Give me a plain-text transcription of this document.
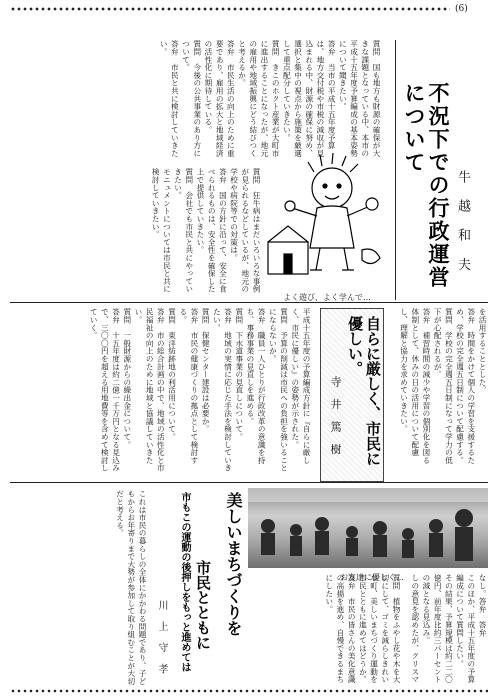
(6)
不況下での行政運営について
牛 越 和 夫

質問　国も地方も財源の確保が大きな課題となっている中、本市の平成十五年度予算編成の基本姿勢について聞きたい。

答弁　当市の平成十五年度予算は、地方交付税や市税の減収が見込まれる中、財源の確保に努め、選択と集中の視点から施策を厳選して重点配分していきたい。

質問　きこのホクト産業が大町市に進出することになったが、地元の雇用や地域振興にどう結びつくと考えるか。

答弁　市民生活の向上のために重要であり、雇用の拡大と地域経済の活性化に期待している。

質問　今後の公共事業のあり方について。

答弁　市民と共に検討していきたい。

質問　狂牛病はまだいろいろな事例が見られるなどしているが、地元の学校や病院等での対策は。

答弁　国の方針に沿って、安全に食べられるものは、安全性を確保した上で提供していきたい。

質問　会社でも市民と共にやっていきたい。

モニュメントについては市民と共に検討していきたい。

よく遊び、よく学んで…

を活用することとした。

答弁　時間をかけて個人の学習を支援するため、学校の完全週五日制について配慮する。

質問　学校の完全週五日制になって学力の低下が心配されるが。

答弁　補習時間の減少や学習の個別化を図る体制として、休みの日の活用について配慮し、理解と協力を求めていきたい。

自らに厳しく、市民に優しい。
寺 井 篤 樹

平成十五年度の予算編成方針に『自らに厳しく、市民に優しい』の姿勢が示された。

質問　予算の削減は市民への負担を強いることにならないか。

答弁　職員一人ひとりが行政改革の意識を持ち、事務事業の見直しを進める。

質問　下水道事業の見直しについて。

答弁　地域の実情に応じた手法を検討していきたい。

質問　保健センター建設は必要か。

答弁　市民の健康づくりの拠点として検討する。

質問　東洋紡跡地の利活用について。

答弁　市の総合計画の中で、地域の活性化と市民福祉の向上のために地域と協議していきたい。

質問　一般財源からの繰出金について。

答弁　十五年度は約二億一千万円となる見込みで、三〇〇円を超える用地費等を含めて検討していく。

なし。答弁　答弁

このほか、平成十五年度の予算編成について質問したい。

その結果、予算規模は約二二〇億円、前年度比約三パーセントの減となる見込み。

しの意見を認めたが、クリスマ

お友達に優しく…

質問　植物をふやし花や木を大切にして、ゴミを減らしきれいな町、美しいまちづくり運動を市民とともに進めてはどうか。

答弁　市民の皆さんの美化意識の高揚を進め、自慢できるまちにしたい。

美しいまちづくりを
市民とともに
市もこの運動の後押しをもっと進めては
川 上 守 孝

これは市民の暮らしの全体にかかわる問題であり、子どもからお年寄りまで大勢が参加して取り組むことが大切だと考える。
